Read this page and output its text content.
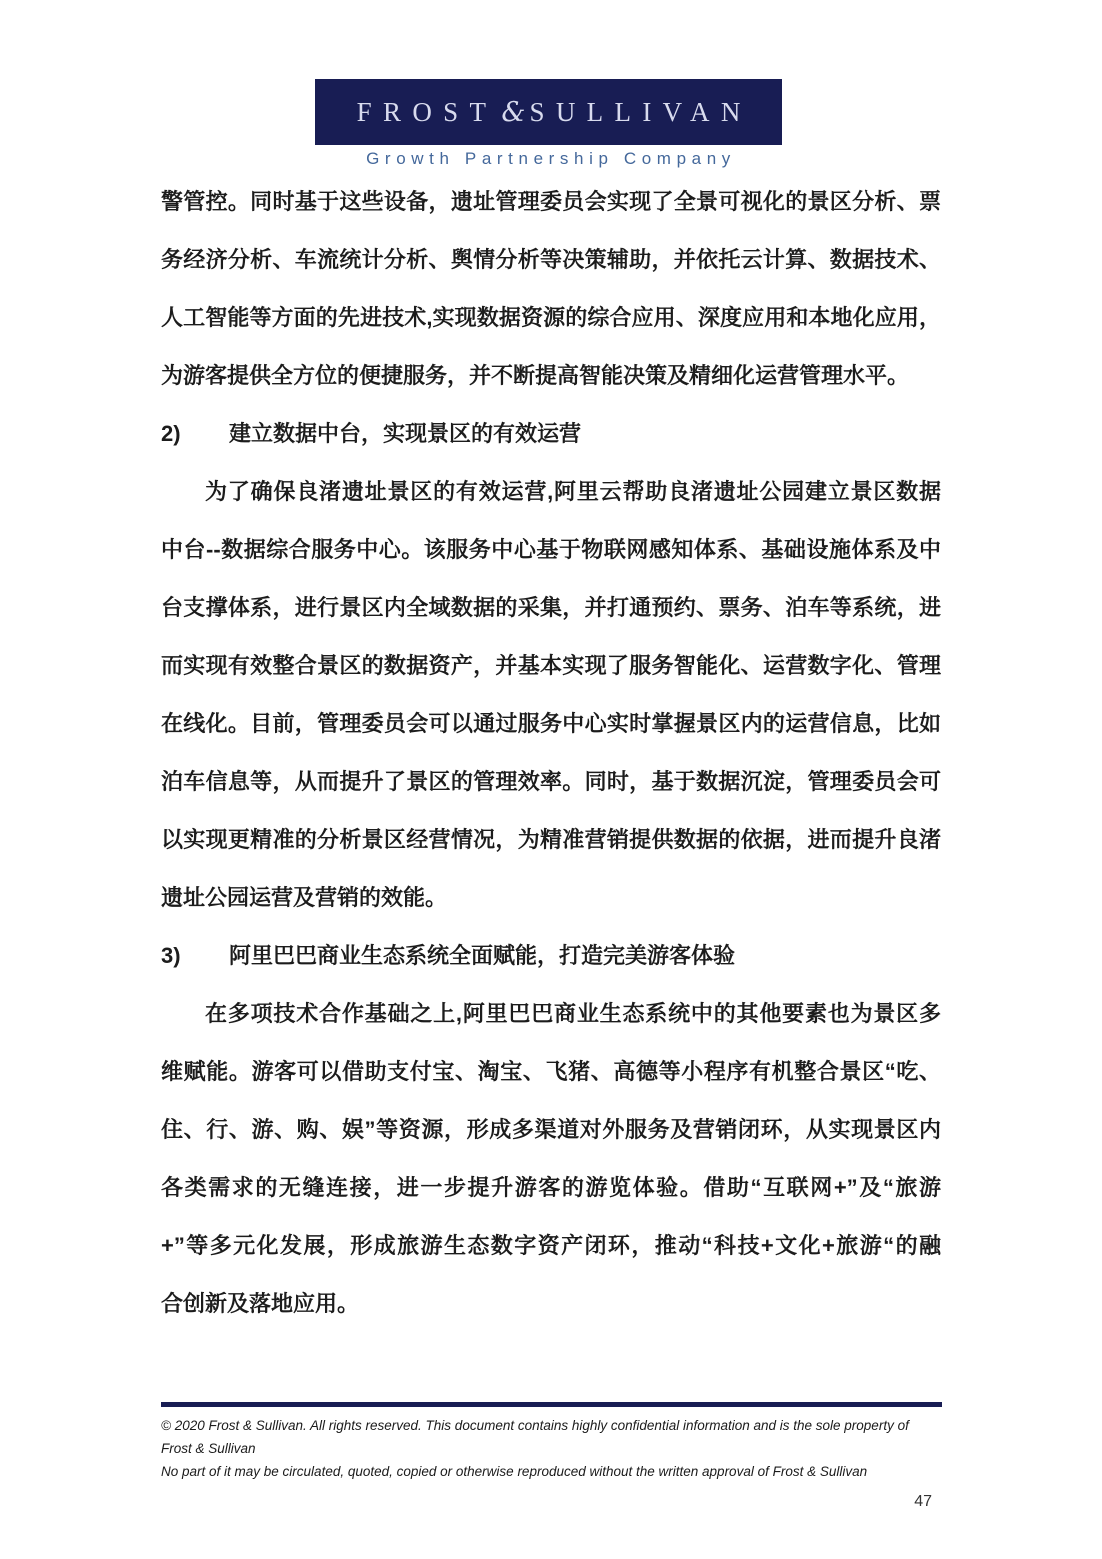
FROST & SULLIVAN
Growth Partnership Company
警管控。同时基于这些设备，遗址管理委员会实现了全景可视化的景区分析、票
务经济分析、车流统计分析、舆情分析等决策辅助，并依托云计算、数据技术、
人工智能等方面的先进技术,实现数据资源的综合应用、深度应用和本地化应用，
为游客提供全方位的便捷服务，并不断提高智能决策及精细化运营管理水平。
2) 建立数据中台，实现景区的有效运营
为了确保良渚遗址景区的有效运营,阿里云帮助良渚遗址公园建立景区数据
中台--数据综合服务中心。该服务中心基于物联网感知体系、基础设施体系及中
台支撑体系，进行景区内全域数据的采集，并打通预约、票务、泊车等系统，进
而实现有效整合景区的数据资产，并基本实现了服务智能化、运营数字化、管理
在线化。目前，管理委员会可以通过服务中心实时掌握景区内的运营信息，比如
泊车信息等，从而提升了景区的管理效率。同时，基于数据沉淀，管理委员会可
以实现更精准的分析景区经营情况，为精准营销提供数据的依据，进而提升良渚
遗址公园运营及营销的效能。
3) 阿里巴巴商业生态系统全面赋能，打造完美游客体验
在多项技术合作基础之上,阿里巴巴商业生态系统中的其他要素也为景区多
维赋能。游客可以借助支付宝、淘宝、飞猪、高德等小程序有机整合景区“吃、
住、行、游、购、娱”等资源，形成多渠道对外服务及营销闭环，从实现景区内
各类需求的无缝连接，进一步提升游客的游览体验。借助“互联网+”及“旅游
+”等多元化发展，形成旅游生态数字资产闭环，推动“科技+文化+旅游“的融
合创新及落地应用。
© 2020 Frost & Sullivan. All rights reserved. This document contains highly confidential information and is the sole property of Frost & Sullivan
No part of it may be circulated, quoted, copied or otherwise reproduced without the written approval of Frost & Sullivan
47
